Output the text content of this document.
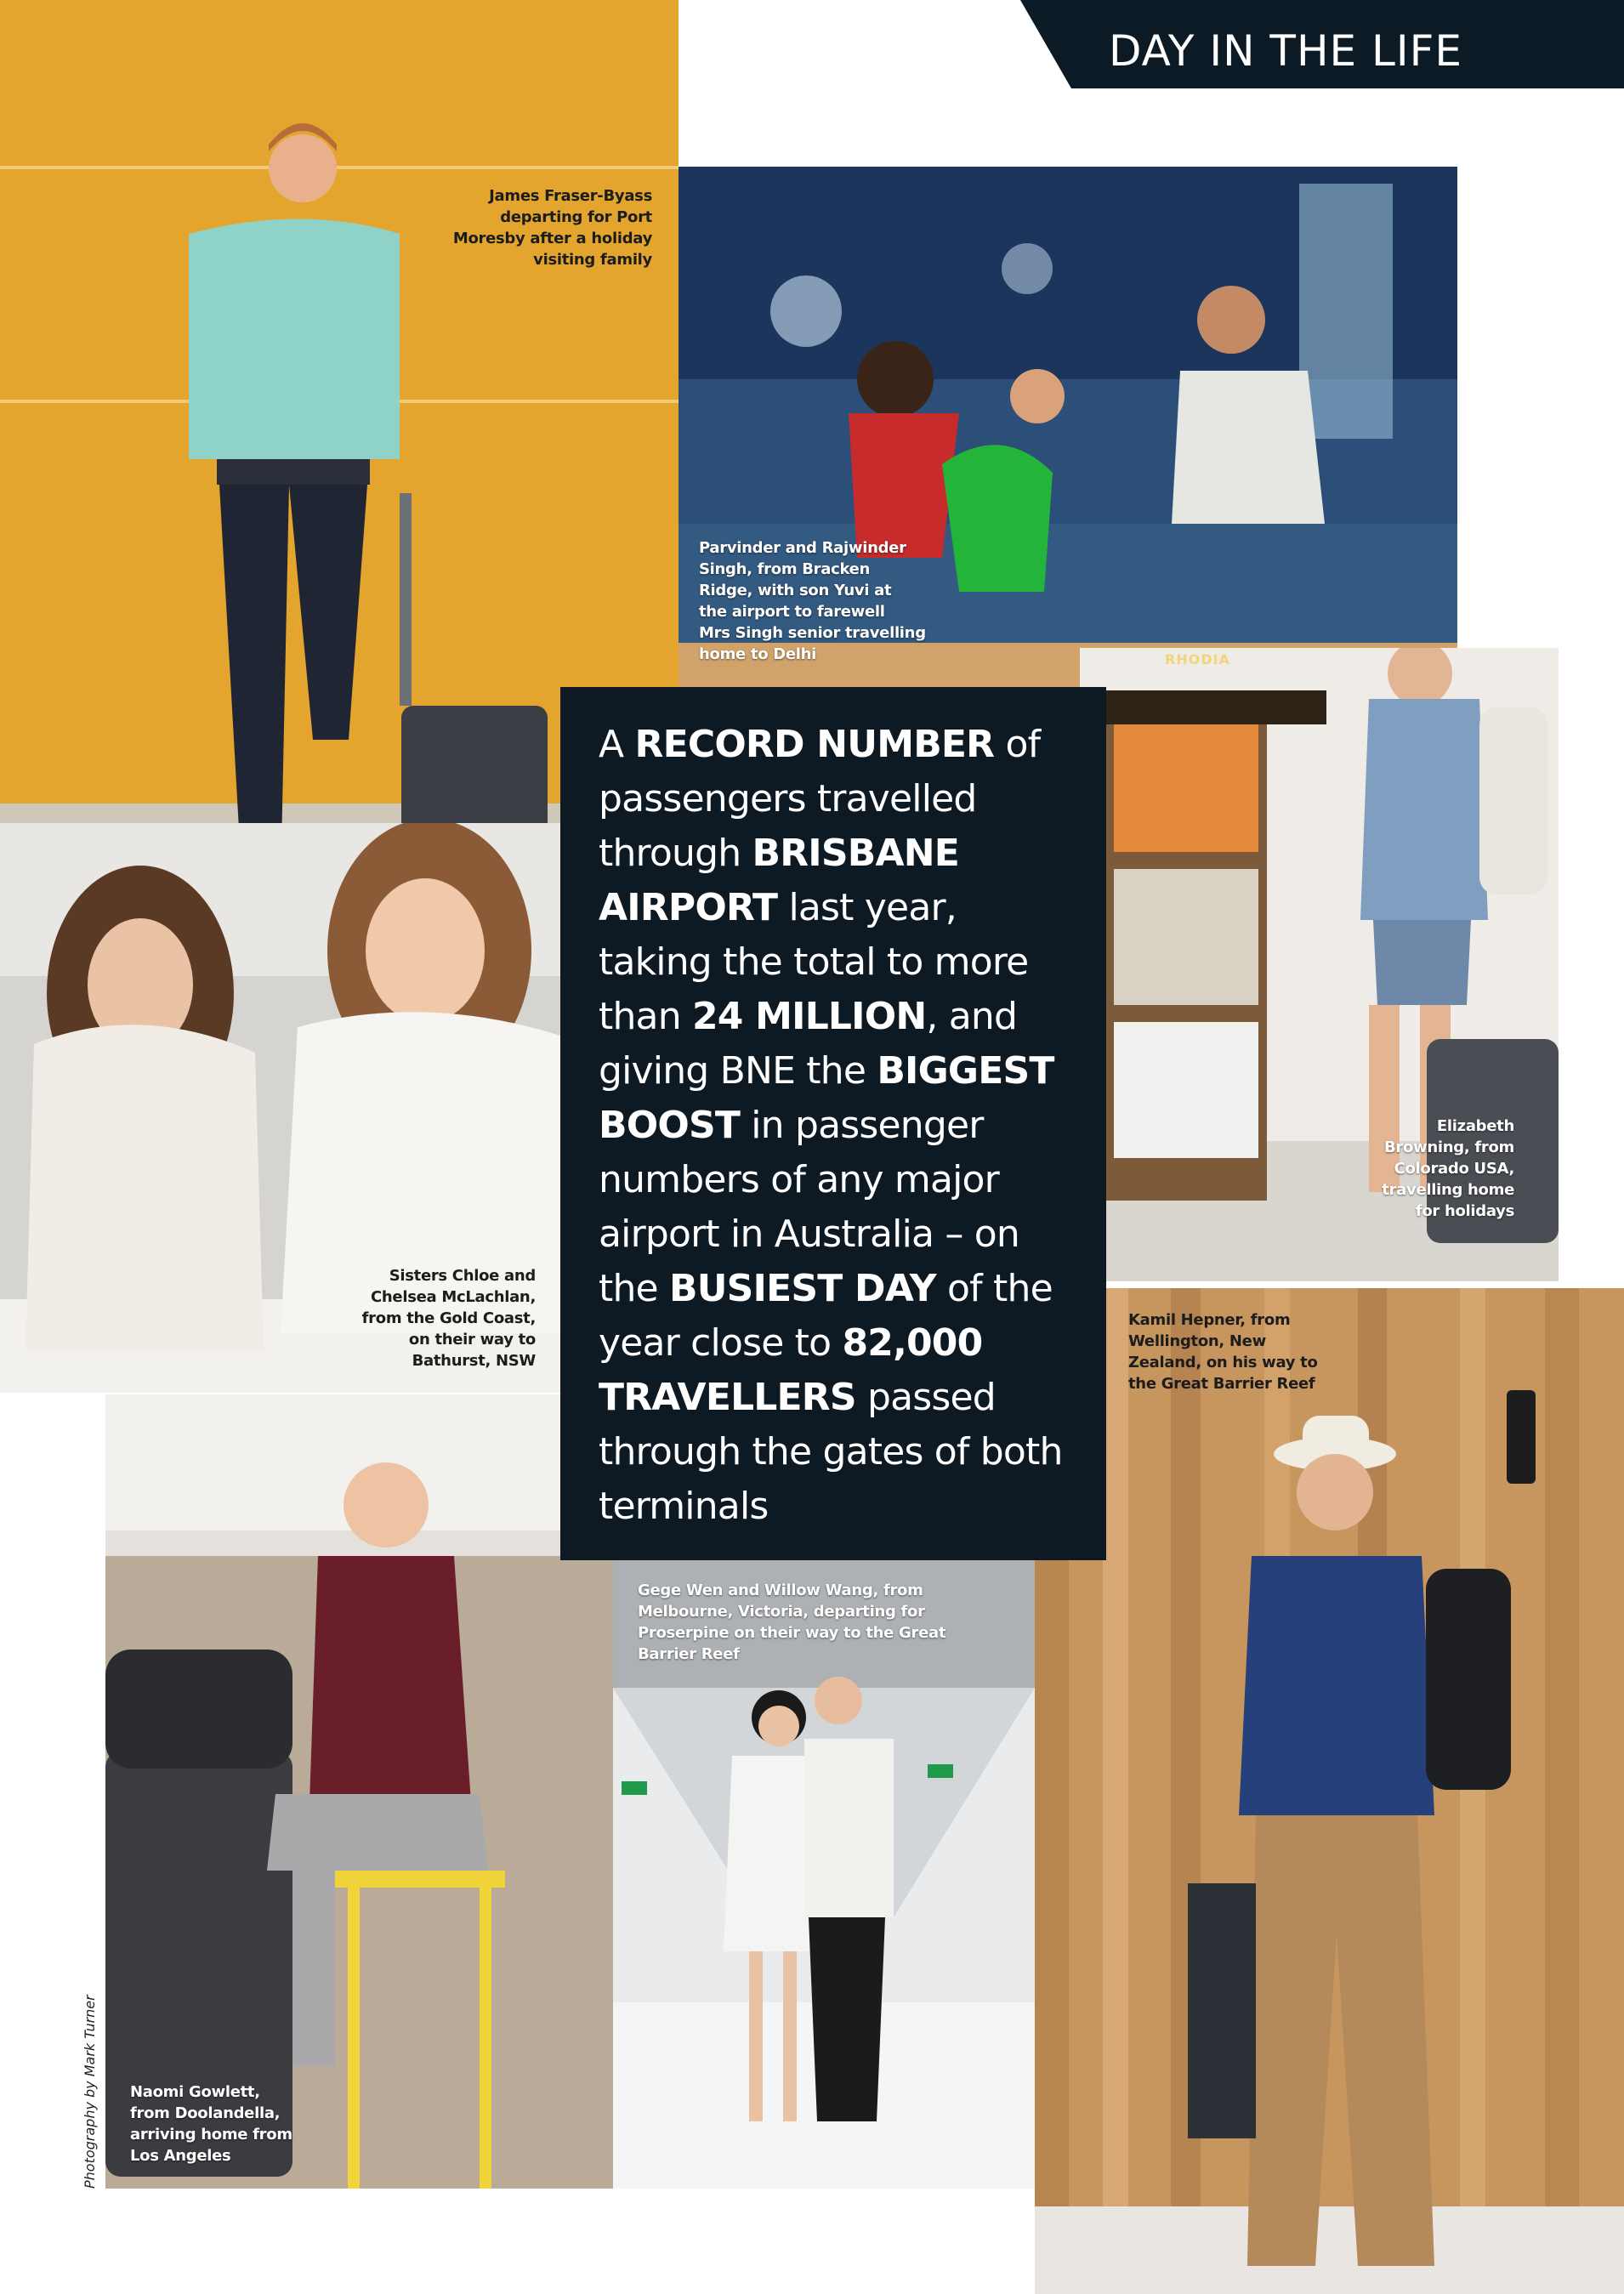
DAY IN THE LIFE
A RECORD NUMBER of passengers travelled through BRISBANE AIRPORT last year, taking the total to more than 24 MILLION, and giving BNE the BIGGEST BOOST in passenger numbers of any major airport in Australia – on the BUSIEST DAY of the year close to 82,000 TRAVELLERS passed through the gates of both terminals
James Fraser-Byass
departing for Port
Moresby after a holiday
visiting family
Parvinder and Rajwinder
Singh, from Bracken
Ridge, with son Yuvi at
the airport to farewell
Mrs Singh senior travelling
home to Delhi
Sisters Chloe and
Chelsea McLachlan,
from the Gold Coast,
on their way to
Bathurst, NSW
Elizabeth
Browning, from
Colorado USA,
travelling home
for holidays
Kamil Hepner, from
Wellington, New
Zealand, on his way to
the Great Barrier Reef
Gege Wen and Willow Wang, from
Melbourne, Victoria, departing for
Proserpine on their way to the Great
Barrier Reef
Naomi Gowlett,
from Doolandella,
arriving home from
Los Angeles
RHODIA
Photography by Mark Turner
